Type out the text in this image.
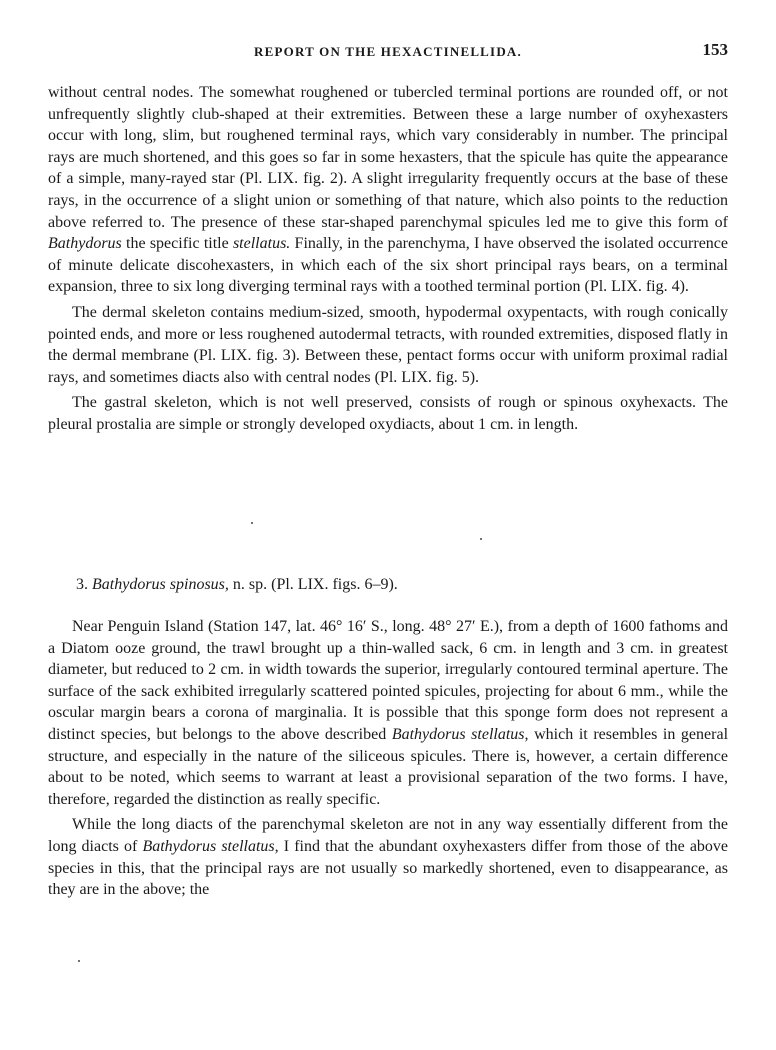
REPORT ON THE HEXACTINELLIDA.	153

without central nodes. The somewhat roughened or tubercled terminal portions are rounded off, or not unfrequently slightly club-shaped at their extremities. Between these a large number of oxyhexasters occur with long, slim, but roughened terminal rays, which vary considerably in number. The principal rays are much shortened, and this goes so far in some hexasters, that the spicule has quite the appearance of a simple, many-rayed star (Pl. LIX. fig. 2). A slight irregularity frequently occurs at the base of these rays, in the occurrence of a slight union or something of that nature, which also points to the reduction above referred to. The presence of these star-shaped parenchymal spicules led me to give this form of Bathydorus the specific title stellatus. Finally, in the parenchyma, I have observed the isolated occurrence of minute delicate discohexasters, in which each of the six short principal rays bears, on a terminal expansion, three to six long diverging terminal rays with a toothed terminal portion (Pl. LIX. fig. 4).

The dermal skeleton contains medium-sized, smooth, hypodermal oxypentacts, with rough conically pointed ends, and more or less roughened autodermal tetracts, with rounded extremities, disposed flatly in the dermal membrane (Pl. LIX. fig. 3). Between these, pentact forms occur with uniform proximal radial rays, and sometimes diacts also with central nodes (Pl. LIX. fig. 5).

The gastral skeleton, which is not well preserved, consists of rough or spinous oxyhexacts. The pleural prostalia are simple or strongly developed oxydiacts, about 1 cm. in length.

3. Bathydorus spinosus, n. sp. (Pl. LIX. figs. 6–9).

Near Penguin Island (Station 147, lat. 46° 16′ S., long. 48° 27′ E.), from a depth of 1600 fathoms and a Diatom ooze ground, the trawl brought up a thin-walled sack, 6 cm. in length and 3 cm. in greatest diameter, but reduced to 2 cm. in width towards the superior, irregularly contoured terminal aperture. The surface of the sack exhibited irregularly scattered pointed spicules, projecting for about 6 mm., while the oscular margin bears a corona of marginalia. It is possible that this sponge form does not represent a distinct species, but belongs to the above described Bathydorus stellatus, which it resembles in general structure, and especially in the nature of the siliceous spicules. There is, however, a certain difference about to be noted, which seems to warrant at least a provisional separation of the two forms. I have, therefore, regarded the distinction as really specific.

While the long diacts of the parenchymal skeleton are not in any way essentially different from the long diacts of Bathydorus stellatus, I find that the abundant oxyhexasters differ from those of the above species in this, that the principal rays are not usually so markedly shortened, even to disappearance, as they are in the above; the
